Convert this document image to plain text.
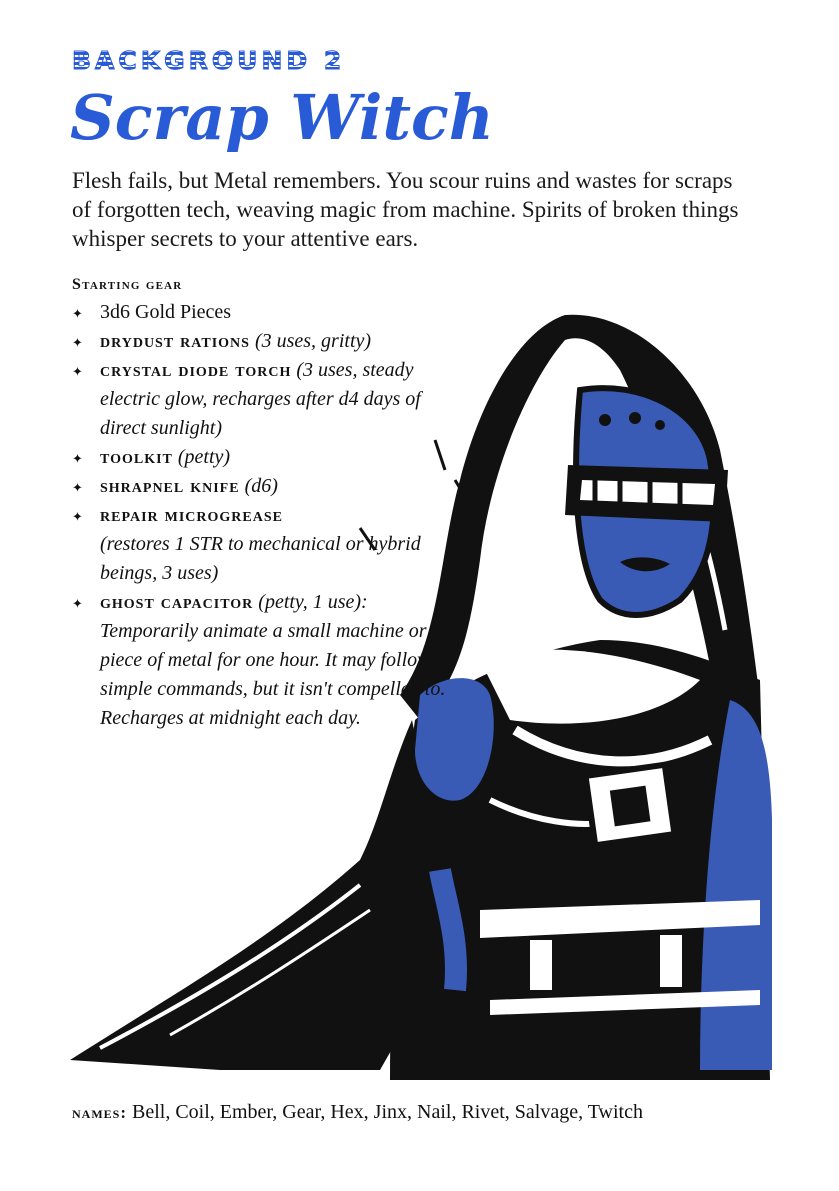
BACKGROUND 2
Scrap Witch

Flesh fails, but Metal remembers. You scour ruins and wastes for scraps of forgotten tech, weaving magic from machine. Spirits of broken things whisper secrets to your attentive ears.

Starting gear
✦ 3d6 Gold Pieces
✦ drydust rations (3 uses, gritty)
✦ crystal diode torch (3 uses, steady electric glow, recharges after d4 days of direct sunlight)
✦ toolkit (petty)
✦ shrapnel knife (d6)
✦ repair microgrease
(restores 1 STR to mechanical or hybrid beings, 3 uses)
✦ ghost capacitor (petty, 1 use): Temporarily animate a small machine or piece of metal for one hour. It may follow simple commands, but it isn't compelled to. Recharges at midnight each day.

names: Bell, Coil, Ember, Gear, Hex, Jinx, Nail, Rivet, Salvage, Twitch
